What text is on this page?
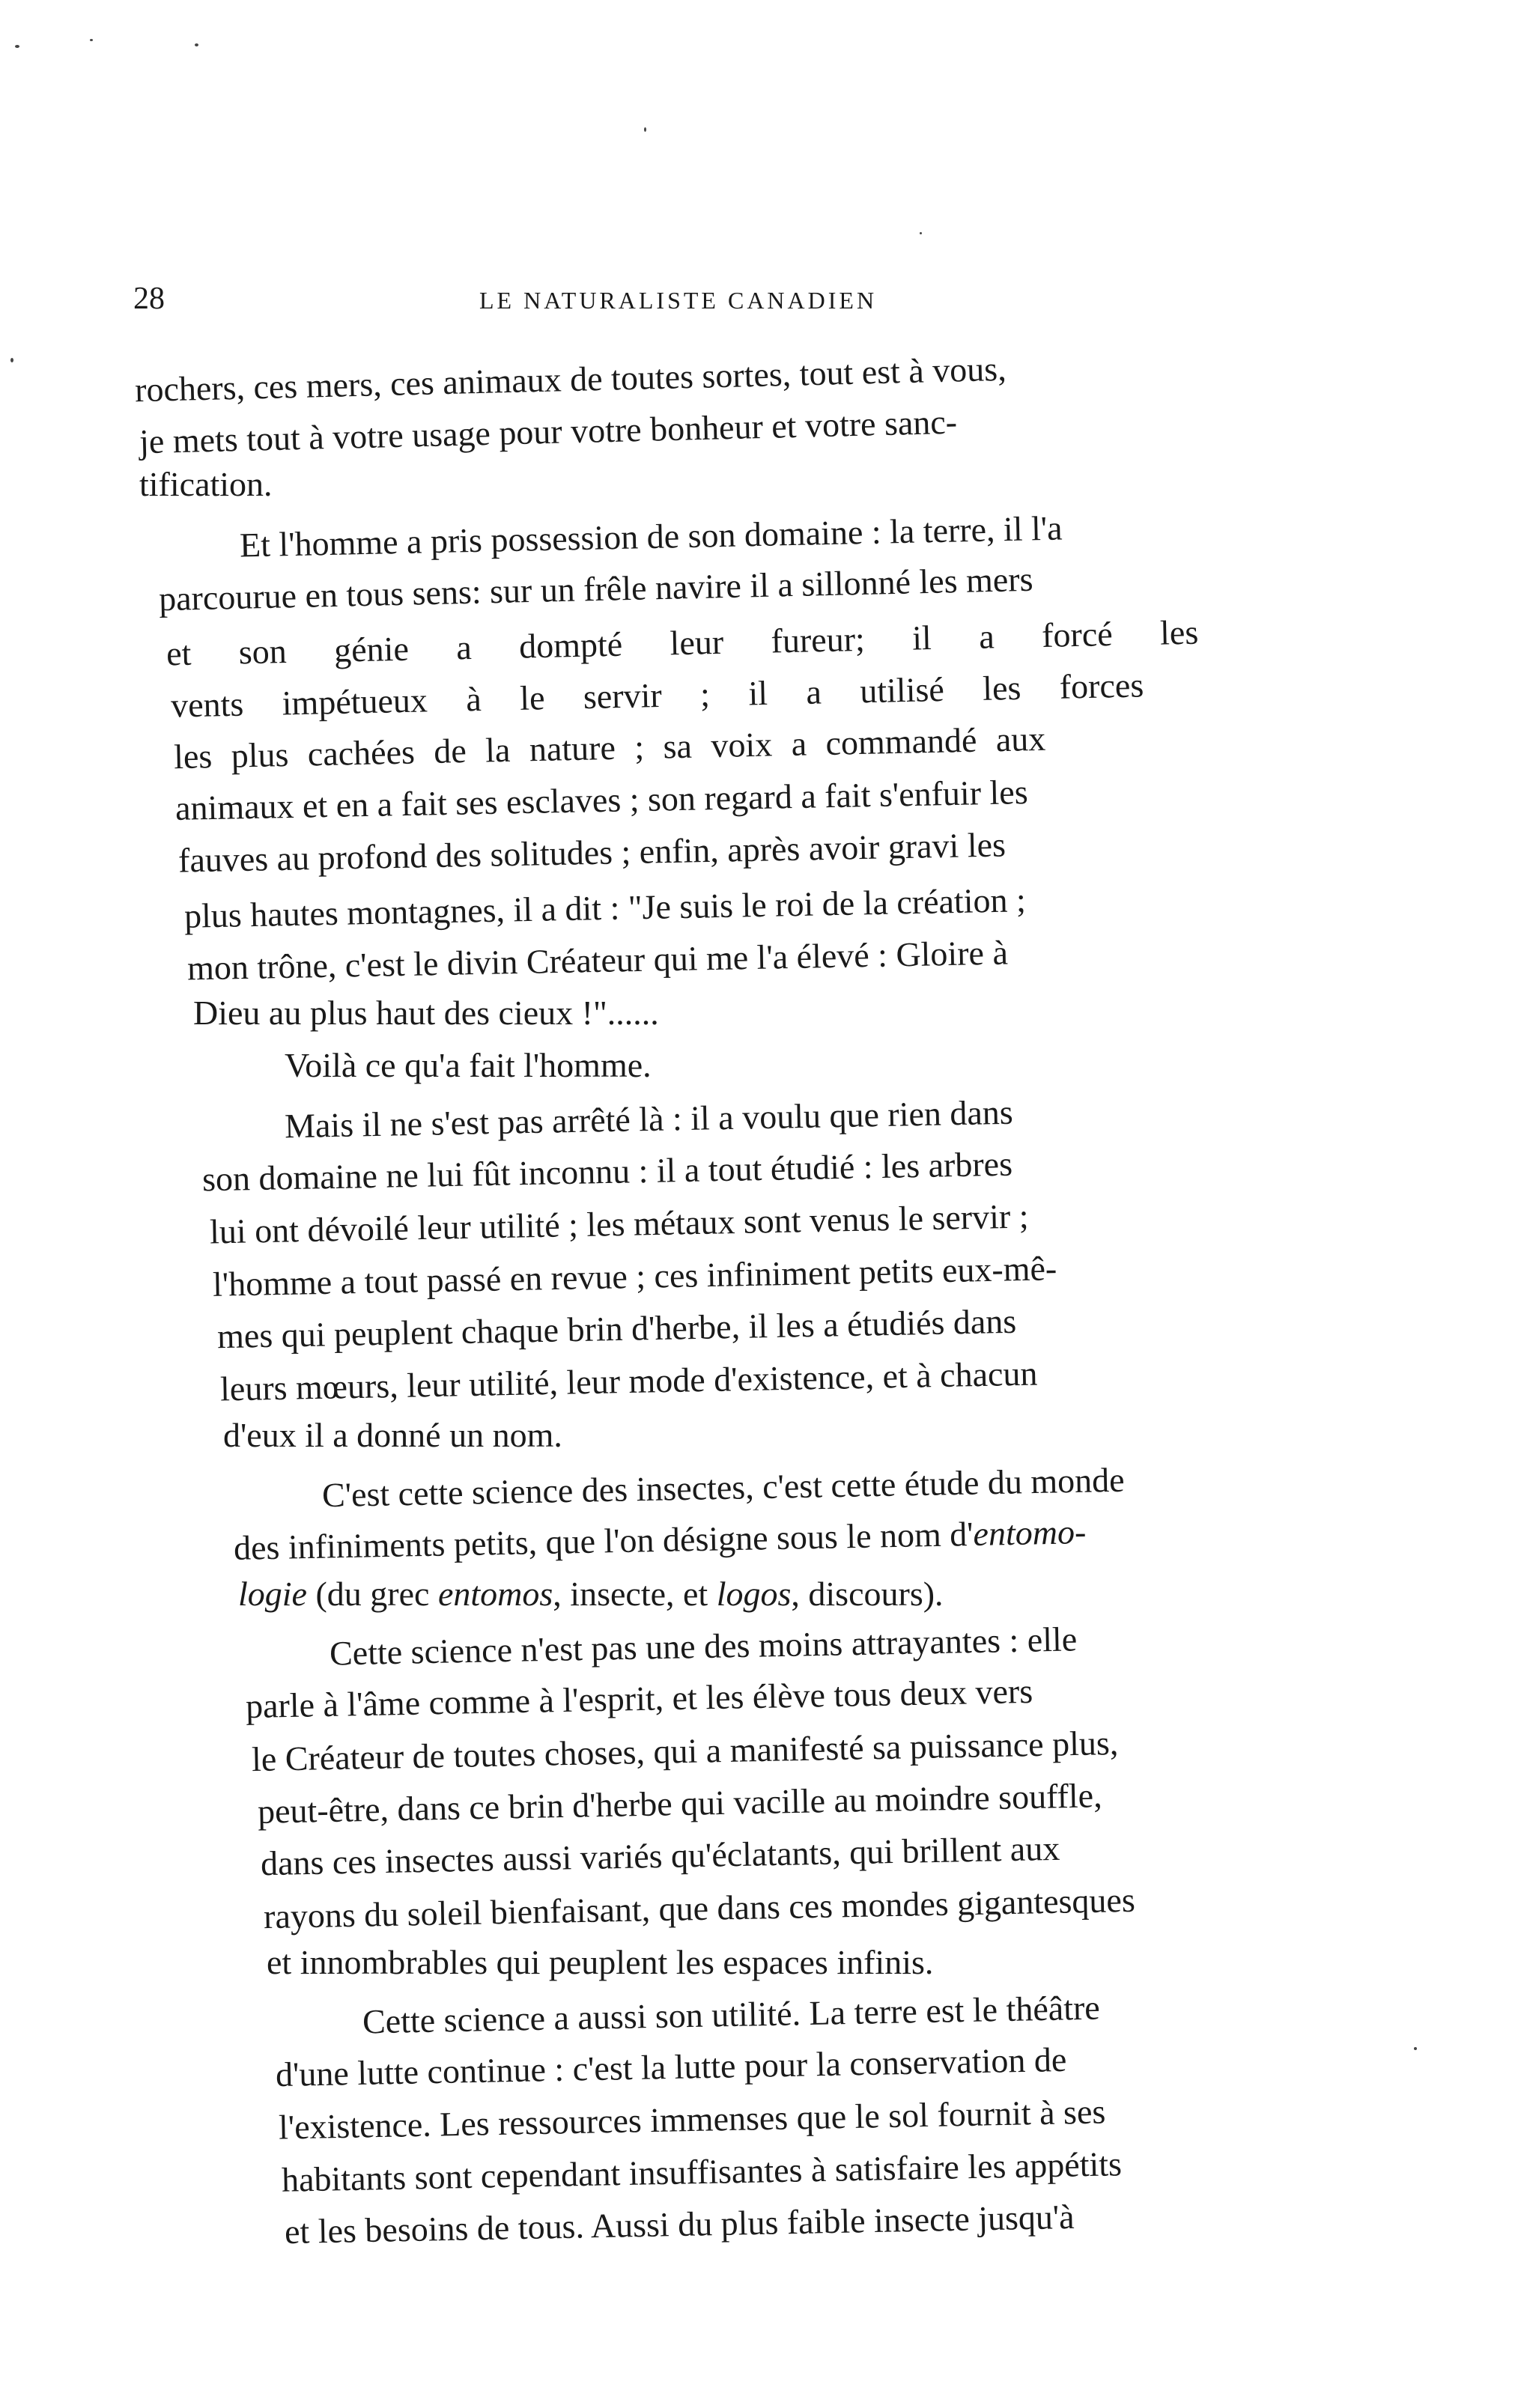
28	LE NATURALISTE CANADIEN
rochers, ces mers, ces animaux de toutes sortes, tout est à vous,
je mets tout à votre usage pour votre bonheur et votre sanc-
tification.
Et l'homme a pris possession de son domaine : la terre, il l'a
parcourue en tous sens: sur un frêle navire il a sillonné les mers
et son génie a dompté leur fureur; il a forcé les
vents impétueux à le servir ; il a utilisé les forces
les plus cachées de la nature ; sa voix a commandé aux
animaux et en a fait ses esclaves ; son regard a fait s'enfuir les
fauves au profond des solitudes ; enfin, après avoir gravi les
plus hautes montagnes, il a dit : "Je suis le roi de la création ;
mon trône, c'est le divin Créateur qui me l'a élevé : Gloire à
Dieu au plus haut des cieux !"......
Voilà ce qu'a fait l'homme.
Mais il ne s'est pas arrêté là : il a voulu que rien dans
son domaine ne lui fût inconnu : il a tout étudié : les arbres
lui ont dévoilé leur utilité ; les métaux sont venus le servir ;
l'homme a tout passé en revue ; ces infiniment petits eux-mê-
mes qui peuplent chaque brin d'herbe, il les a étudiés dans
leurs mœurs, leur utilité, leur mode d'existence, et à chacun
d'eux il a donné un nom.
C'est cette science des insectes, c'est cette étude du monde
des infiniments petits, que l'on désigne sous le nom d'entomo-
logie (du grec entomos, insecte, et logos, discours).
Cette science n'est pas une des moins attrayantes : elle
parle à l'âme comme à l'esprit, et les élève tous deux vers
le Créateur de toutes choses, qui a manifesté sa puissance plus,
peut-être, dans ce brin d'herbe qui vacille au moindre souffle,
dans ces insectes aussi variés qu'éclatants, qui brillent aux
rayons du soleil bienfaisant, que dans ces mondes gigantesques
et innombrables qui peuplent les espaces infinis.
Cette science a aussi son utilité. La terre est le théâtre
d'une lutte continue : c'est la lutte pour la conservation de
l'existence. Les ressources immenses que le sol fournit à ses
habitants sont cependant insuffisantes à satisfaire les appétits
et les besoins de tous. Aussi du plus faible insecte jusqu'à
